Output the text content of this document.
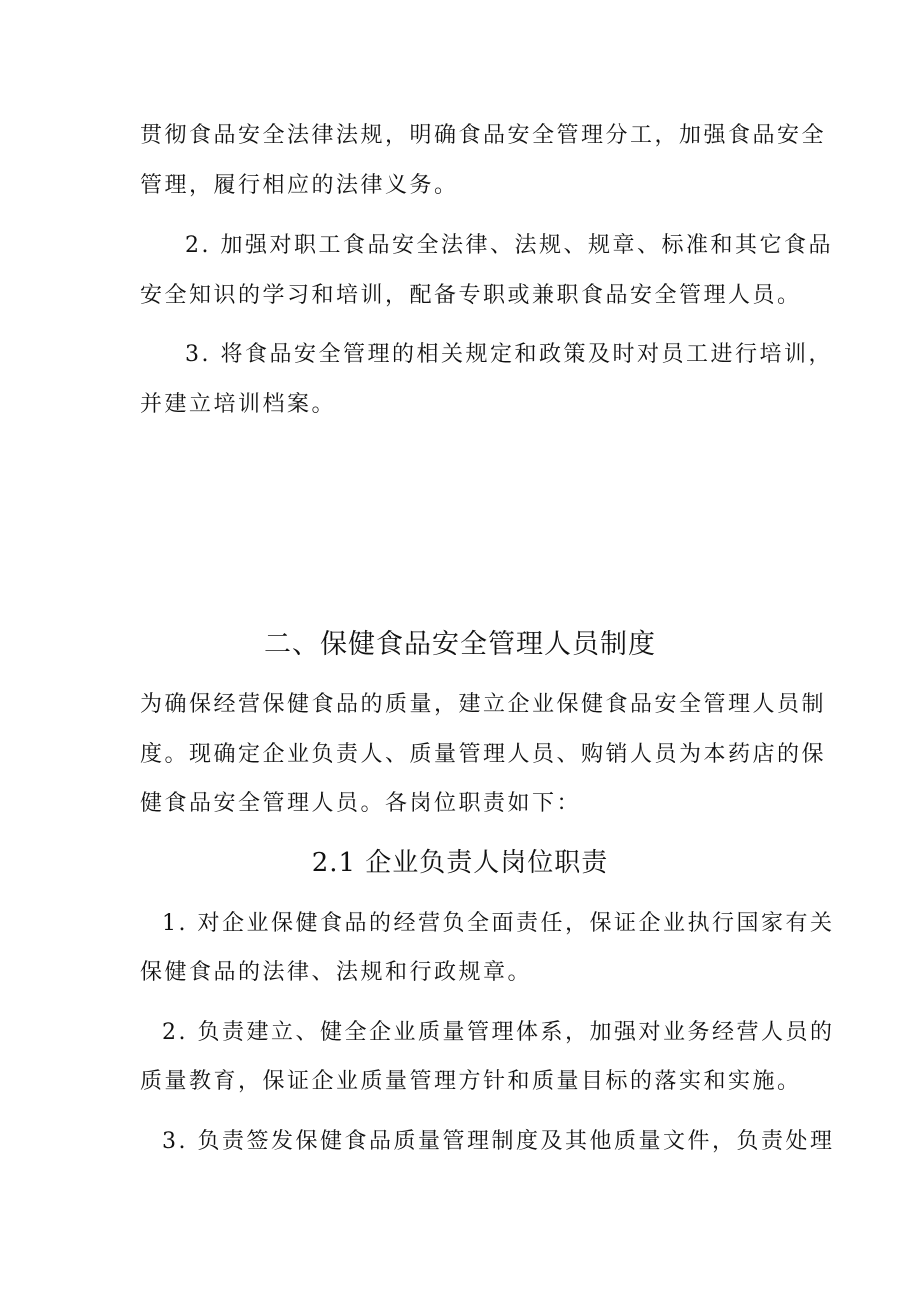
贯彻食品安全法律法规，明确食品安全管理分工，加强食品安全
管理，履行相应的法律义务。
2. 加强对职工食品安全法律、法规、规章、标准和其它食品
安全知识的学习和培训，配备专职或兼职食品安全管理人员。
3. 将食品安全管理的相关规定和政策及时对员工进行培训，
并建立培训档案。
二、保健食品安全管理人员制度
为确保经营保健食品的质量，建立企业保健食品安全管理人员制
度。现确定企业负责人、质量管理人员、购销人员为本药店的保
健食品安全管理人员。各岗位职责如下：
2.1 企业负责人岗位职责
1. 对企业保健食品的经营负全面责任，保证企业执行国家有关
保健食品的法律、法规和行政规章。
2. 负责建立、健全企业质量管理体系，加强对业务经营人员的
质量教育，保证企业质量管理方针和质量目标的落实和实施。
3. 负责签发保健食品质量管理制度及其他质量文件，负责处理
